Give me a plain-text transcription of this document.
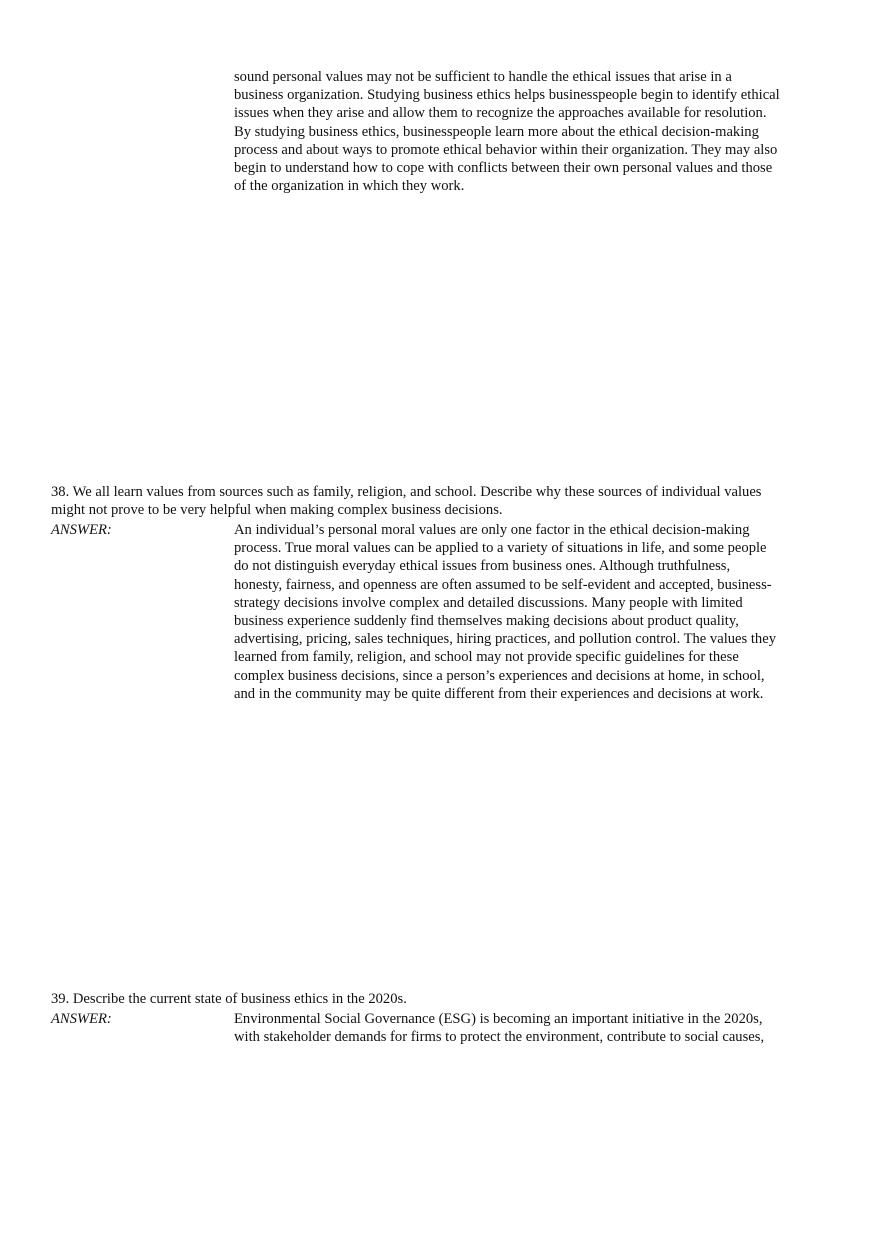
sound personal values may not be sufficient to handle the ethical issues that arise in a
business organization. Studying business ethics helps businesspeople begin to identify ethical
issues when they arise and allow them to recognize the approaches available for resolution.
By studying business ethics, businesspeople learn more about the ethical decision-making
process and about ways to promote ethical behavior within their organization. They may also
begin to understand how to cope with conflicts between their own personal values and those
of the organization in which they work.

38. We all learn values from sources such as family, religion, and school. Describe why these sources of individual values
might not prove to be very helpful when making complex business decisions.

ANSWER:	An individual’s personal moral values are only one factor in the ethical decision-making
process. True moral values can be applied to a variety of situations in life, and some people
do not distinguish everyday ethical issues from business ones. Although truthfulness,
honesty, fairness, and openness are often assumed to be self-evident and accepted, business-
strategy decisions involve complex and detailed discussions. Many people with limited
business experience suddenly find themselves making decisions about product quality,
advertising, pricing, sales techniques, hiring practices, and pollution control. The values they
learned from family, religion, and school may not provide specific guidelines for these
complex business decisions, since a person’s experiences and decisions at home, in school,
and in the community may be quite different from their experiences and decisions at work.

39. Describe the current state of business ethics in the 2020s.

ANSWER:	Environmental Social Governance (ESG) is becoming an important initiative in the 2020s,
with stakeholder demands for firms to protect the environment, contribute to social causes,
